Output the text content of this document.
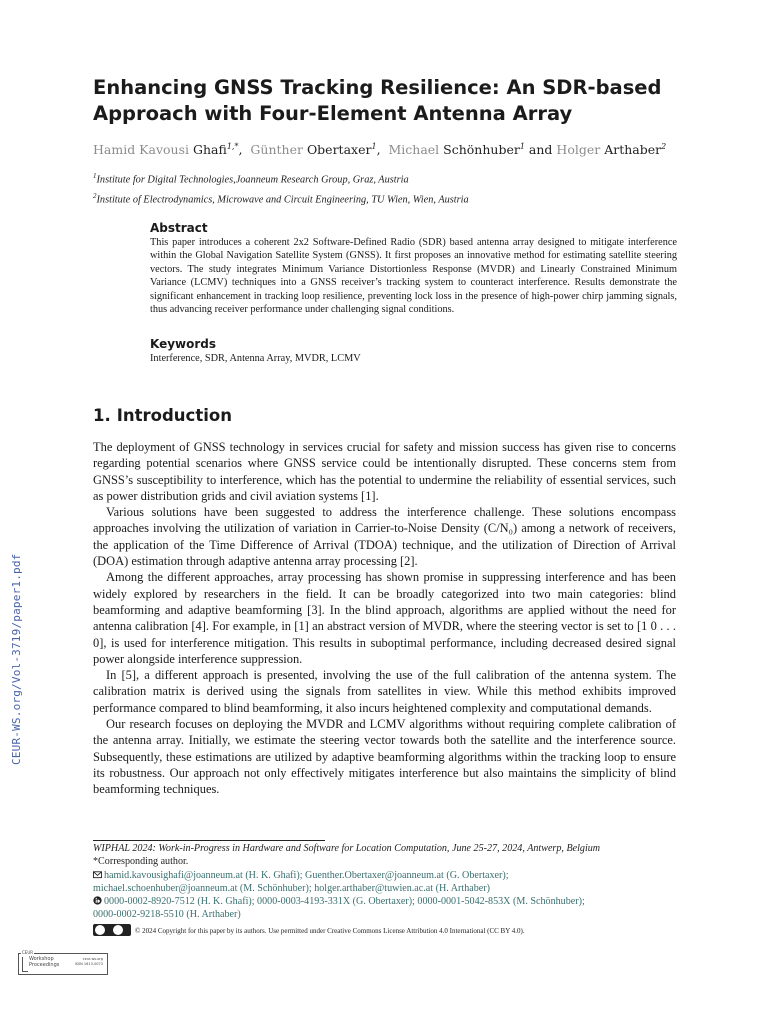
CEUR-WS.org/Vol-3719/paper1.pdf
Enhancing GNSS Tracking Resilience: An SDR-based Approach with Four-Element Antenna Array
Hamid Kavousi Ghafi$^{1,*}$,  Günther Obertaxer$^1$,  Michael Schönhuber$^1$ and Holger Arthaber$^2$
$^1$Institute for Digital Technologies,Joanneum Research Group, Graz, Austria
$^2$Institute of Electrodynamics, Microwave and Circuit Engineering, TU Wien, Wien, Austria
Abstract

This paper introduces a coherent 2x2 Software-Defined Radio (SDR) based antenna array designed to mitigate interference within the Global Navigation Satellite System (GNSS). It first proposes an innovative method for estimating satellite steering vectors. The study integrates Minimum Variance Distortionless Response (MVDR) and Linearly Constrained Minimum Variance (LCMV) techniques into a GNSS receiver’s tracking system to counteract interference. Results demonstrate the significant enhancement in tracking loop resilience, preventing lock loss in the presence of high-power chirp jamming signals, thus advancing receiver performance under challenging signal conditions.

Keywords

Interference, SDR, Antenna Array, MVDR, LCMV

1. Introduction

The deployment of GNSS technology in services crucial for safety and mission success has given rise to concerns regarding potential scenarios where GNSS service could be intentionally disrupted. These concerns stem from GNSS’s susceptibility to interference, which has the potential to undermine the reliability of essential services, such as power distribution grids and civil aviation systems [1].

Various solutions have been suggested to address the interference challenge. These solutions encompass approaches involving the utilization of variation in Carrier-to-Noise Density (C/N₀) among a network of receivers, the application of the Time Difference of Arrival (TDOA) technique, and the utilization of Direction of Arrival (DOA) estimation through adaptive antenna array processing [2].

Among the different approaches, array processing has shown promise in suppressing interference and has been widely explored by researchers in the field. It can be broadly categorized into two main categories: blind beamforming and adaptive beamforming [3]. In the blind approach, algorithms are applied without the need for antenna calibration [4]. For example, in [1] an abstract version of MVDR, where the steering vector is set to [1 0 . . . 0], is used for interference mitigation. This results in suboptimal performance, including decreased desired signal power alongside interference suppression.

In [5], a different approach is presented, involving the use of the full calibration of the antenna system. The calibration matrix is derived using the signals from satellites in view. While this method exhibits improved performance compared to blind beamforming, it also incurs heightened complexity and computational demands.

Our research focuses on deploying the MVDR and LCMV algorithms without requiring complete calibration of the antenna array. Initially, we estimate the steering vector towards both the satellite and the interference source. Subsequently, these estimations are utilized by adaptive beamforming algorithms within the tracking loop to ensure its robustness. Our approach not only effectively mitigates interference but also maintains the simplicity of blind beamforming techniques.

WIPHAL 2024: Work-in-Progress in Hardware and Software for Location Computation, June 25-27, 2024, Antwerp, Belgium
*Corresponding author.
hamid.kavousighafi@joanneum.at (H. K. Ghafi); Guenther.Obertaxer@joanneum.at (G. Obertaxer);
michael.schoenhuber@joanneum.at (M. Schönhuber); holger.arthaber@tuwien.ac.at (H. Arthaber)
0000-0002-8920-7512 (H. K. Ghafi); 0000-0003-4193-331X (G. Obertaxer); 0000-0001-5042-853X (M. Schönhuber);
0000-0002-9218-5510 (H. Arthaber)
© 2024 Copyright for this paper by its authors. Use permitted under Creative Commons License Attribution 4.0 International (CC BY 4.0).
CEUR
Workshop
Proceedings
ceur-ws.org
ISSN 1613-0073
